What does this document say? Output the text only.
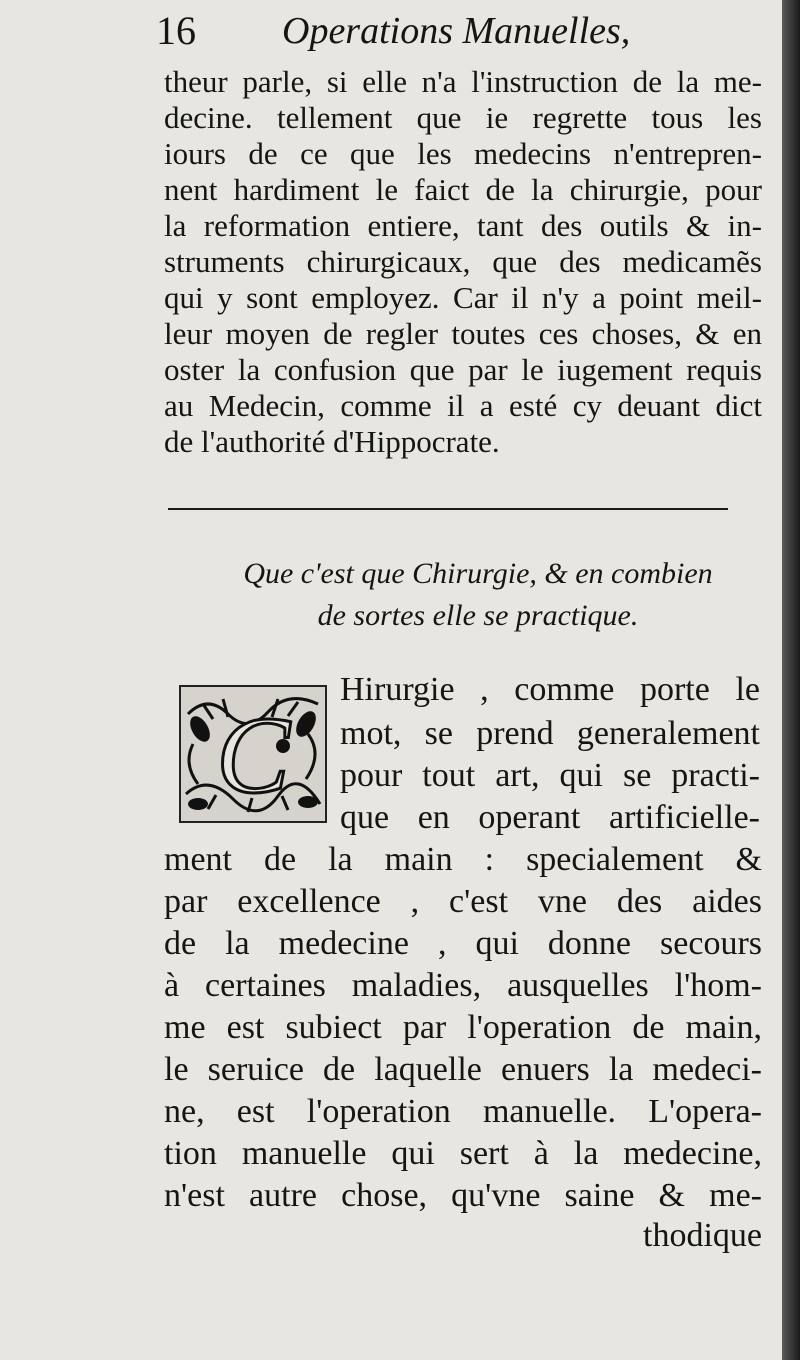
16 Operations Manuelles,
theur parle, si elle n'a l'instruction de la me-
decine. tellement que ie regrette tous les
iours de ce que les medecins n'entrepren-
nent hardiment le faict de la chirurgie, pour
la reformation entiere, tant des outils & in-
struments chirurgicaux, que des medicamẽs
qui y sont employez. Car il n'y a point meil-
leur moyen de regler toutes ces choses, & en
oster la confusion que par le iugement requis
au Medecin, comme il a esté cy deuant dict
de l'authorité d'Hippocrate.
Que c'est que Chirurgie, & en combien
de sortes elle se practique.
C
Hirurgie , comme porte le
mot, se prend generalement
pour tout art, qui se practi-
que en operant artificielle-
ment de la main : specialement &
par excellence , c'est vne des aides
de la medecine , qui donne secours
à certaines maladies, ausquelles l'hom-
me est subiect par l'operation de main,
le seruice de laquelle enuers la medeci-
ne, est l'operation manuelle. L'opera-
tion manuelle qui sert à la medecine,
n'est autre chose, qu'vne saine & me-
thodique
